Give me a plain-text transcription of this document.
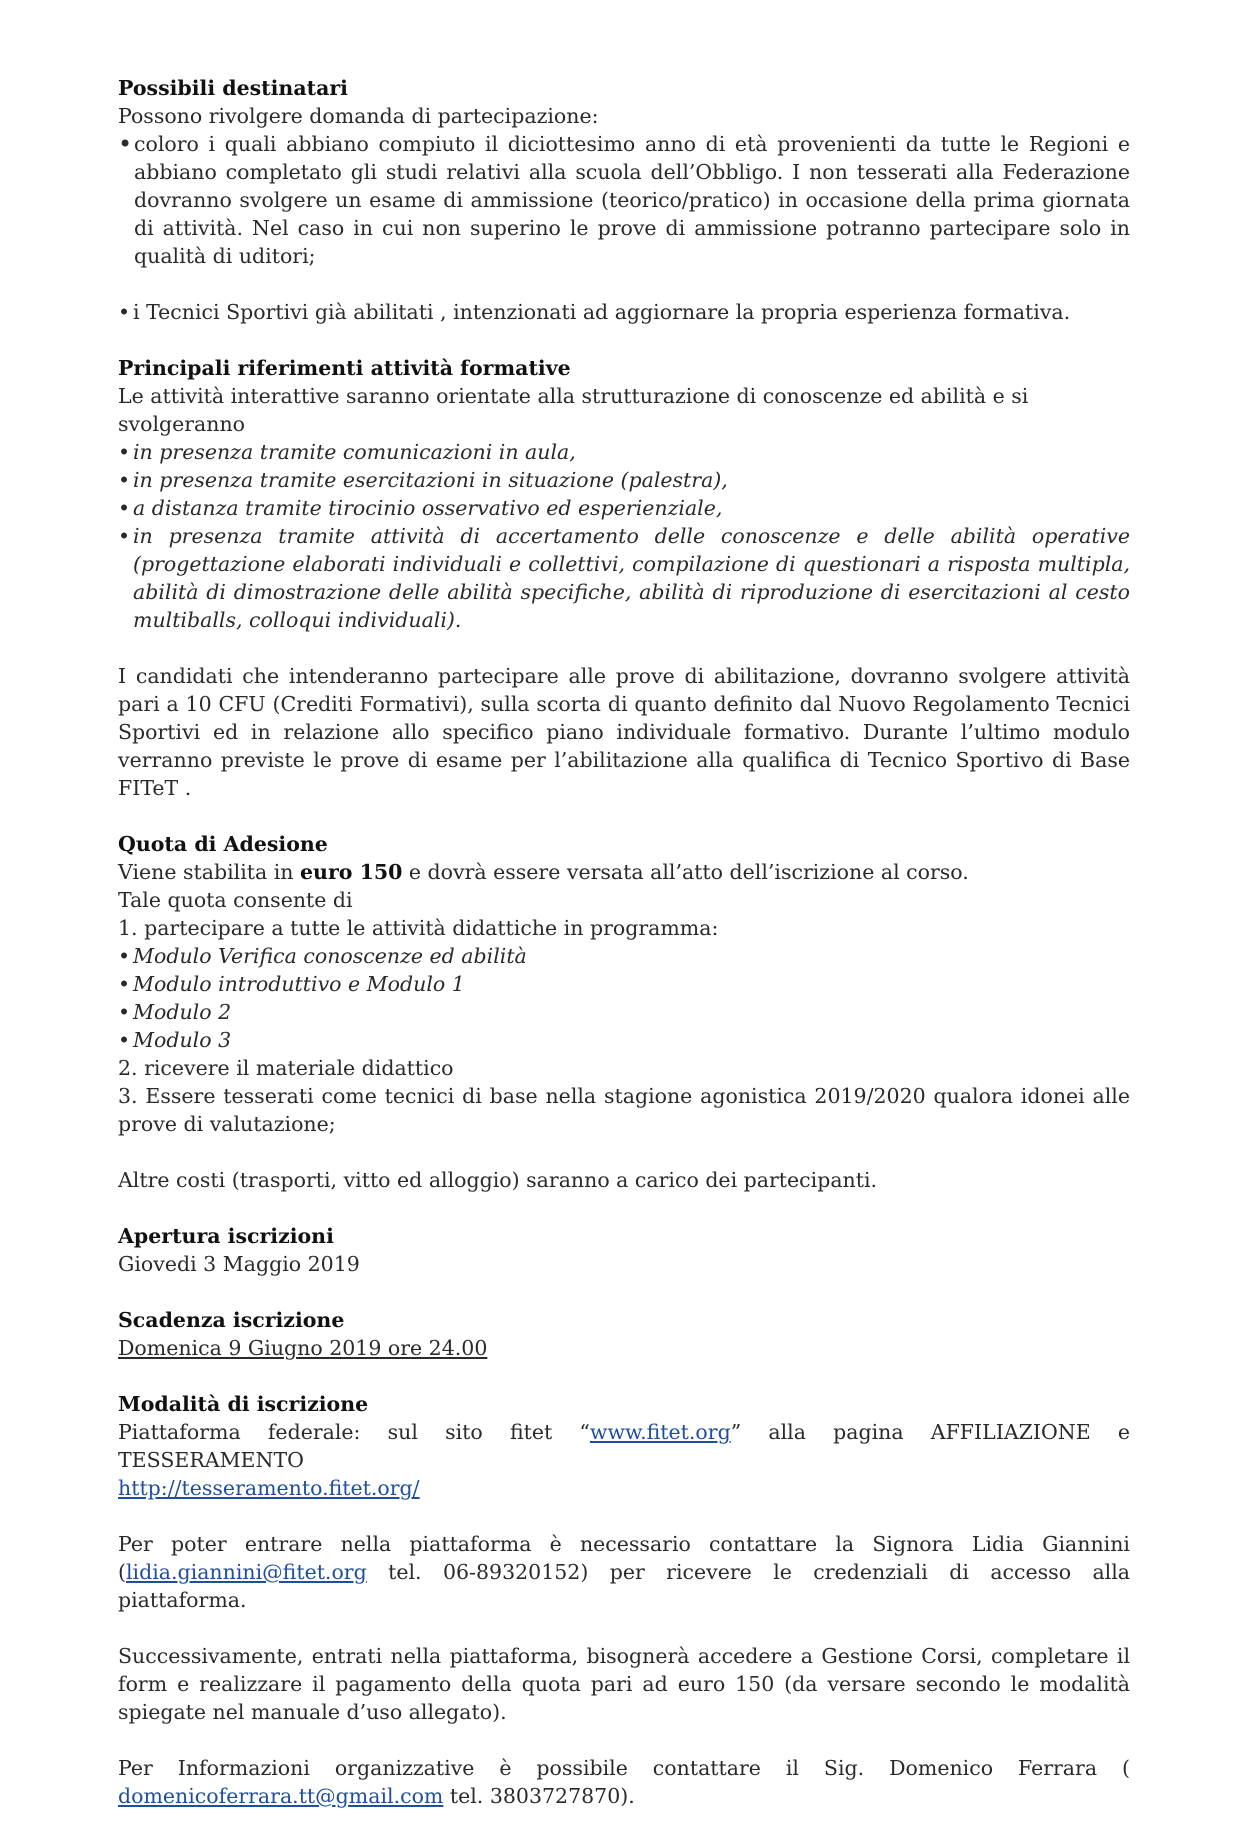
Possibili destinatari
Possono rivolgere domanda di partecipazione:
• coloro i quali abbiano compiuto il diciottesimo anno di età provenienti da tutte le Regioni e abbiano completato gli studi relativi alla scuola dell’Obbligo. I non tesserati alla Federazione dovranno svolgere un esame di ammissione (teorico/pratico) in occasione della prima giornata di attività. Nel caso in cui non superino le prove di ammissione potranno partecipare solo in qualità di uditori;
• i Tecnici Sportivi già abilitati , intenzionati ad aggiornare la propria esperienza formativa.
Principali riferimenti attività formative
Le attività interattive saranno orientate alla strutturazione di conoscenze ed abilità e si svolgeranno
• in presenza tramite comunicazioni in aula,
• in presenza tramite esercitazioni in situazione (palestra),
• a distanza tramite tirocinio osservativo ed esperienziale,
• in presenza tramite attività di accertamento delle conoscenze e delle abilità operative (progettazione elaborati individuali e collettivi, compilazione di questionari a risposta multipla, abilità di dimostrazione delle abilità specifiche, abilità di riproduzione di esercitazioni al cesto multiballs, colloqui individuali).
I candidati che intenderanno partecipare alle prove di abilitazione, dovranno svolgere attività pari a 10 CFU (Crediti Formativi), sulla scorta di quanto definito dal Nuovo Regolamento Tecnici Sportivi ed in relazione allo specifico piano individuale formativo. Durante l’ultimo modulo verranno previste le prove di esame per l’abilitazione alla qualifica di Tecnico Sportivo di Base FITeT .
Quota di Adesione
Viene stabilita in euro 150 e dovrà essere versata all’atto dell’iscrizione al corso.
Tale quota consente di
1. partecipare a tutte le attività didattiche in programma:
• Modulo Verifica conoscenze ed abilità
• Modulo introduttivo e Modulo 1
• Modulo 2
• Modulo 3
2. ricevere il materiale didattico
3. Essere tesserati come tecnici di base nella stagione agonistica 2019/2020 qualora idonei alle prove di valutazione;
Altre costi (trasporti, vitto ed alloggio) saranno a carico dei partecipanti.
Apertura iscrizioni
Giovedi 3 Maggio 2019
Scadenza iscrizione
Domenica 9 Giugno 2019 ore 24.00
Modalità di iscrizione
Piattaforma federale: sul sito fitet “www.fitet.org” alla pagina AFFILIAZIONE e TESSERAMENTO
http://tesseramento.fitet.org/
Per poter entrare nella piattaforma è necessario contattare la Signora Lidia Giannini (lidia.giannini@fitet.org tel. 06-89320152) per ricevere le credenziali di accesso alla piattaforma.
Successivamente, entrati nella piattaforma, bisognerà accedere a Gestione Corsi, completare il form e realizzare il pagamento della quota pari ad euro 150 (da versare secondo le modalità spiegate nel manuale d’uso allegato).
Per Informazioni organizzative è possibile contattare il Sig. Domenico Ferrara ( domenicoferrara.tt@gmail.com tel. 3803727870).
